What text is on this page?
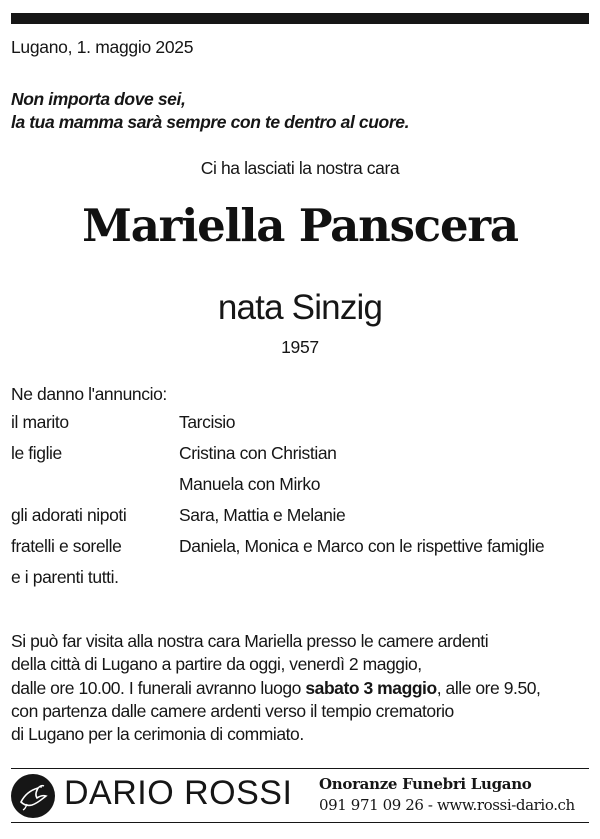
Lugano, 1. maggio 2025
Non importa dove sei,
la tua mamma sarà sempre con te dentro al cuore.
Ci ha lasciati la nostra cara
Mariella Panscera
nata Sinzig
1957
Ne danno l'annuncio:
il marito	Tarcisio
le figlie	Cristina con Christian
Manuela con Mirko
gli adorati nipoti	Sara, Mattia e Melanie
fratelli e sorelle	Daniela, Monica e Marco con le rispettive famiglie
e i parenti tutti.
Si può far visita alla nostra cara Mariella presso le camere ardenti
della città di Lugano a partire da oggi, venerdì 2 maggio,
dalle ore 10.00. I funerali avranno luogo sabato 3 maggio, alle ore 9.50,
con partenza dalle camere ardenti verso il tempio crematorio
di Lugano per la cerimonia di commiato.
DARIO ROSSI Onoranze Funebri Lugano
091 971 09 26 - www.rossi-dario.ch
